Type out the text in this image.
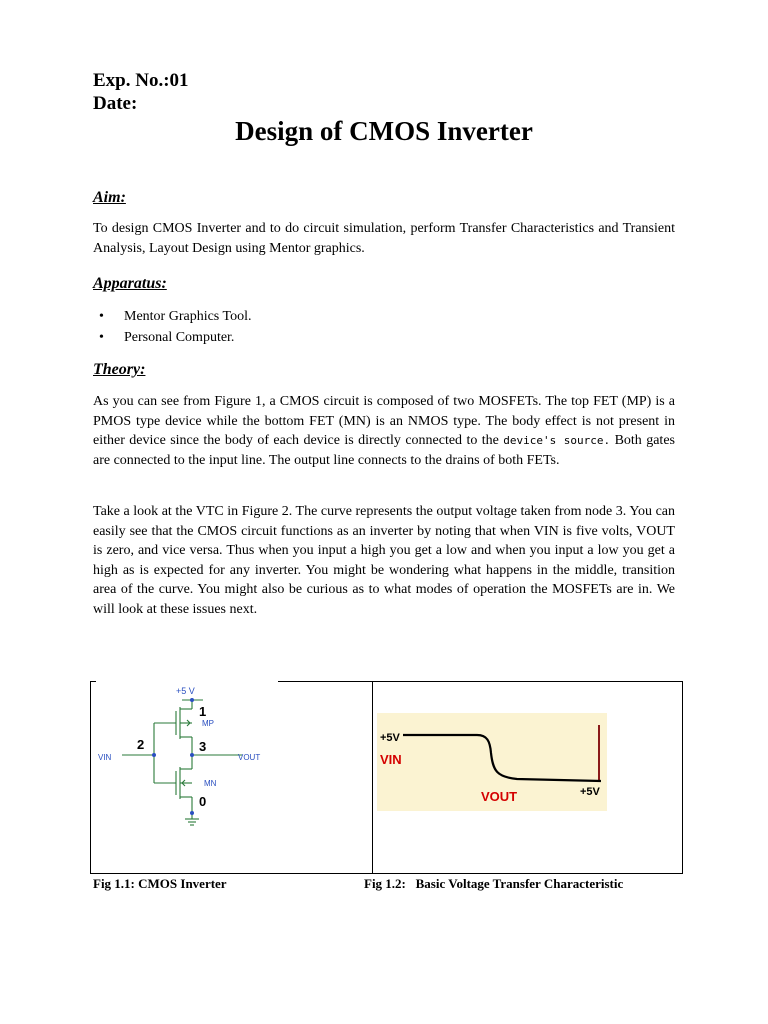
Exp. No.:01
Date:
Design of CMOS Inverter
Aim:
To design CMOS Inverter and to do circuit simulation, perform Transfer Characteristics and Transient Analysis, Layout Design using Mentor graphics.
Apparatus:
• Mentor Graphics Tool.
• Personal Computer.
Theory:
As you can see from Figure 1, a CMOS circuit is composed of two MOSFETs. The top FET (MP) is a PMOS type device while the bottom FET (MN) is an NMOS type. The body effect is not present in either device since the body of each device is directly connected to the device's source. Both gates are connected to the input line. The output line connects to the drains of both FETs.
Take a look at the VTC in Figure 2. The curve represents the output voltage taken from node 3. You can easily see that the CMOS circuit functions as an inverter by noting that when VIN is five volts, VOUT is zero, and vice versa. Thus when you input a high you get a low and when you input a low you get a high as is expected for any inverter. You might be wondering what happens in the middle, transition area of the curve. You might also be curious as to what modes of operation the MOSFETs are in. We will look at these issues next.
+5 V
1
MP
2	3
VIN	VOUT
MN
0
+5V
VIN
VOUT	+5V
Fig 1.1: CMOS Inverter	Fig 1.2:   Basic Voltage Transfer Characteristic
